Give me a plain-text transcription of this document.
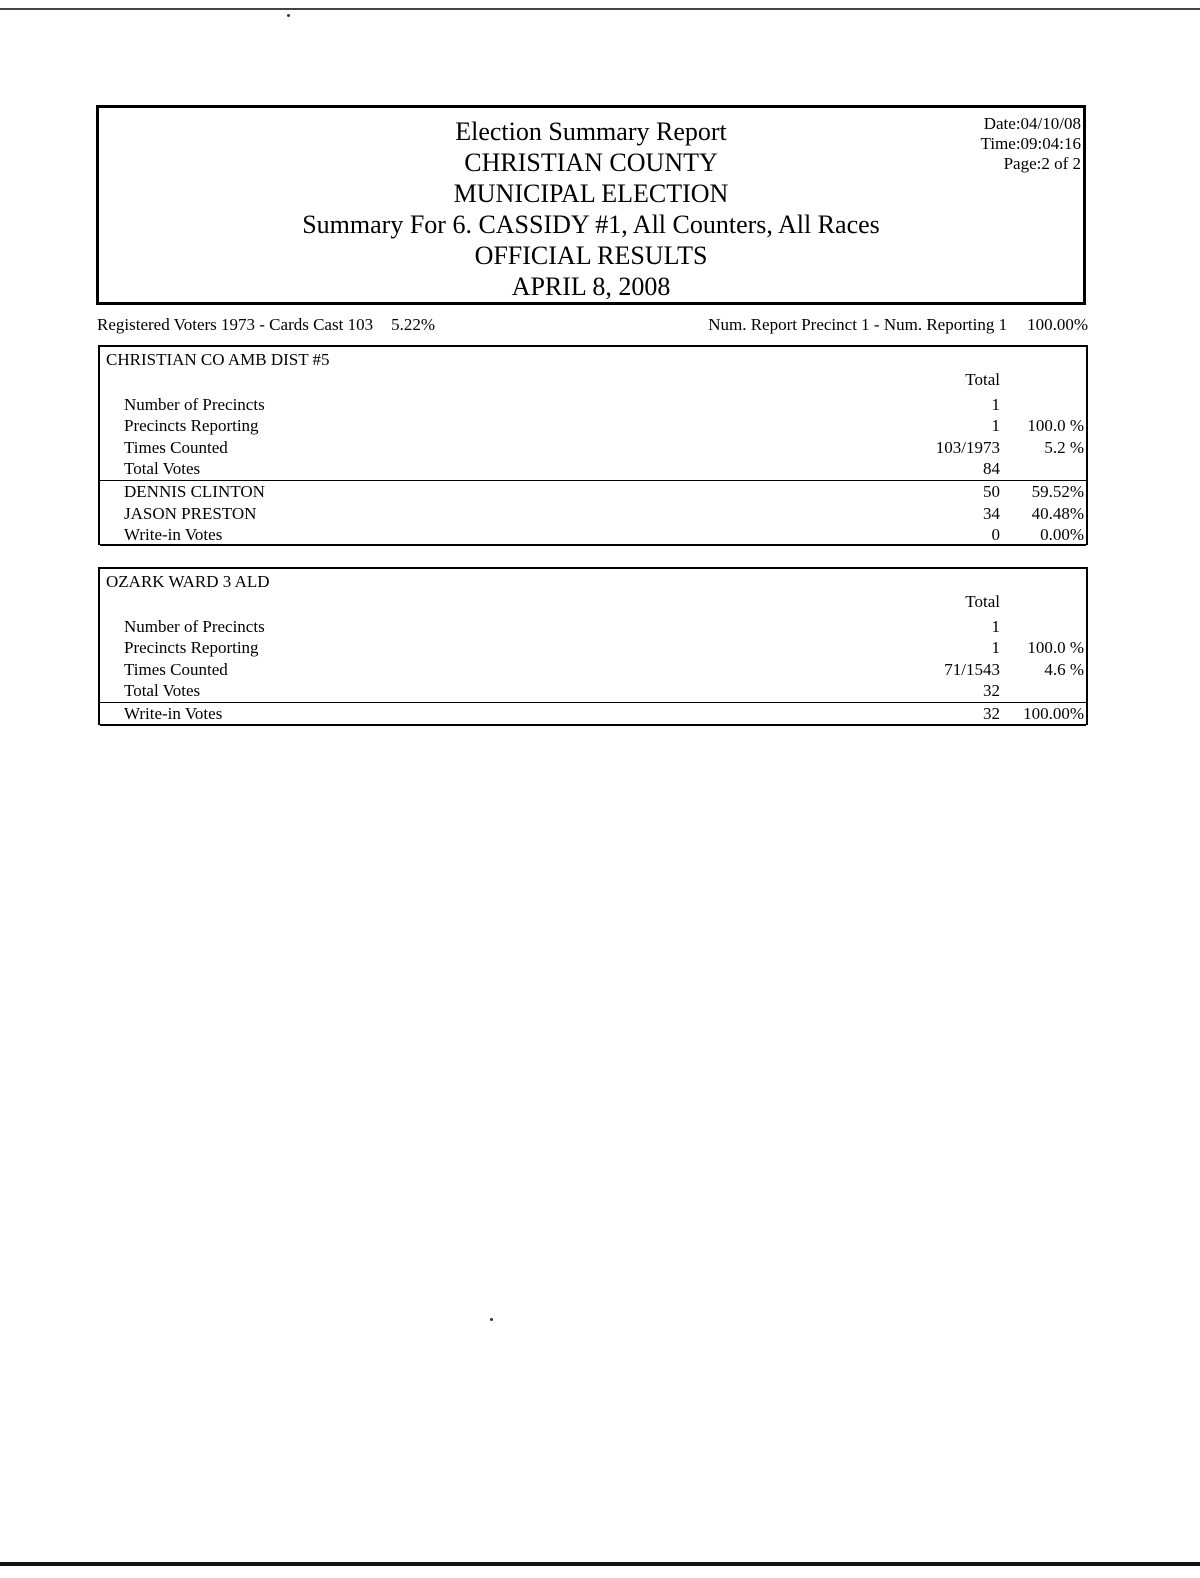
Election Summary Report
CHRISTIAN COUNTY
MUNICIPAL ELECTION
Summary For 6. CASSIDY #1, All Counters, All Races
OFFICIAL RESULTS
APRIL 8, 2008
Date:04/10/08
Time:09:04:16
Page:2 of 2
Registered Voters 1973 - Cards Cast 103 5.22%	Num. Report Precinct 1 - Num. Reporting 1 100.00%
CHRISTIAN CO AMB DIST #5
Total
Number of Precincts	1
Precincts Reporting	1 100.0 %
Times Counted	103/1973	5.2 %
Total Votes	84
DENNIS CLINTON	50 59.52%
JASON PRESTON	34 40.48%
Write-in Votes	0 0.00%
OZARK WARD 3 ALD
Total
Number of Precincts	1
Precincts Reporting	1 100.0 %
Times Counted	71/1543	4.6 %
Total Votes	32
Write-in Votes	32 100.00%
